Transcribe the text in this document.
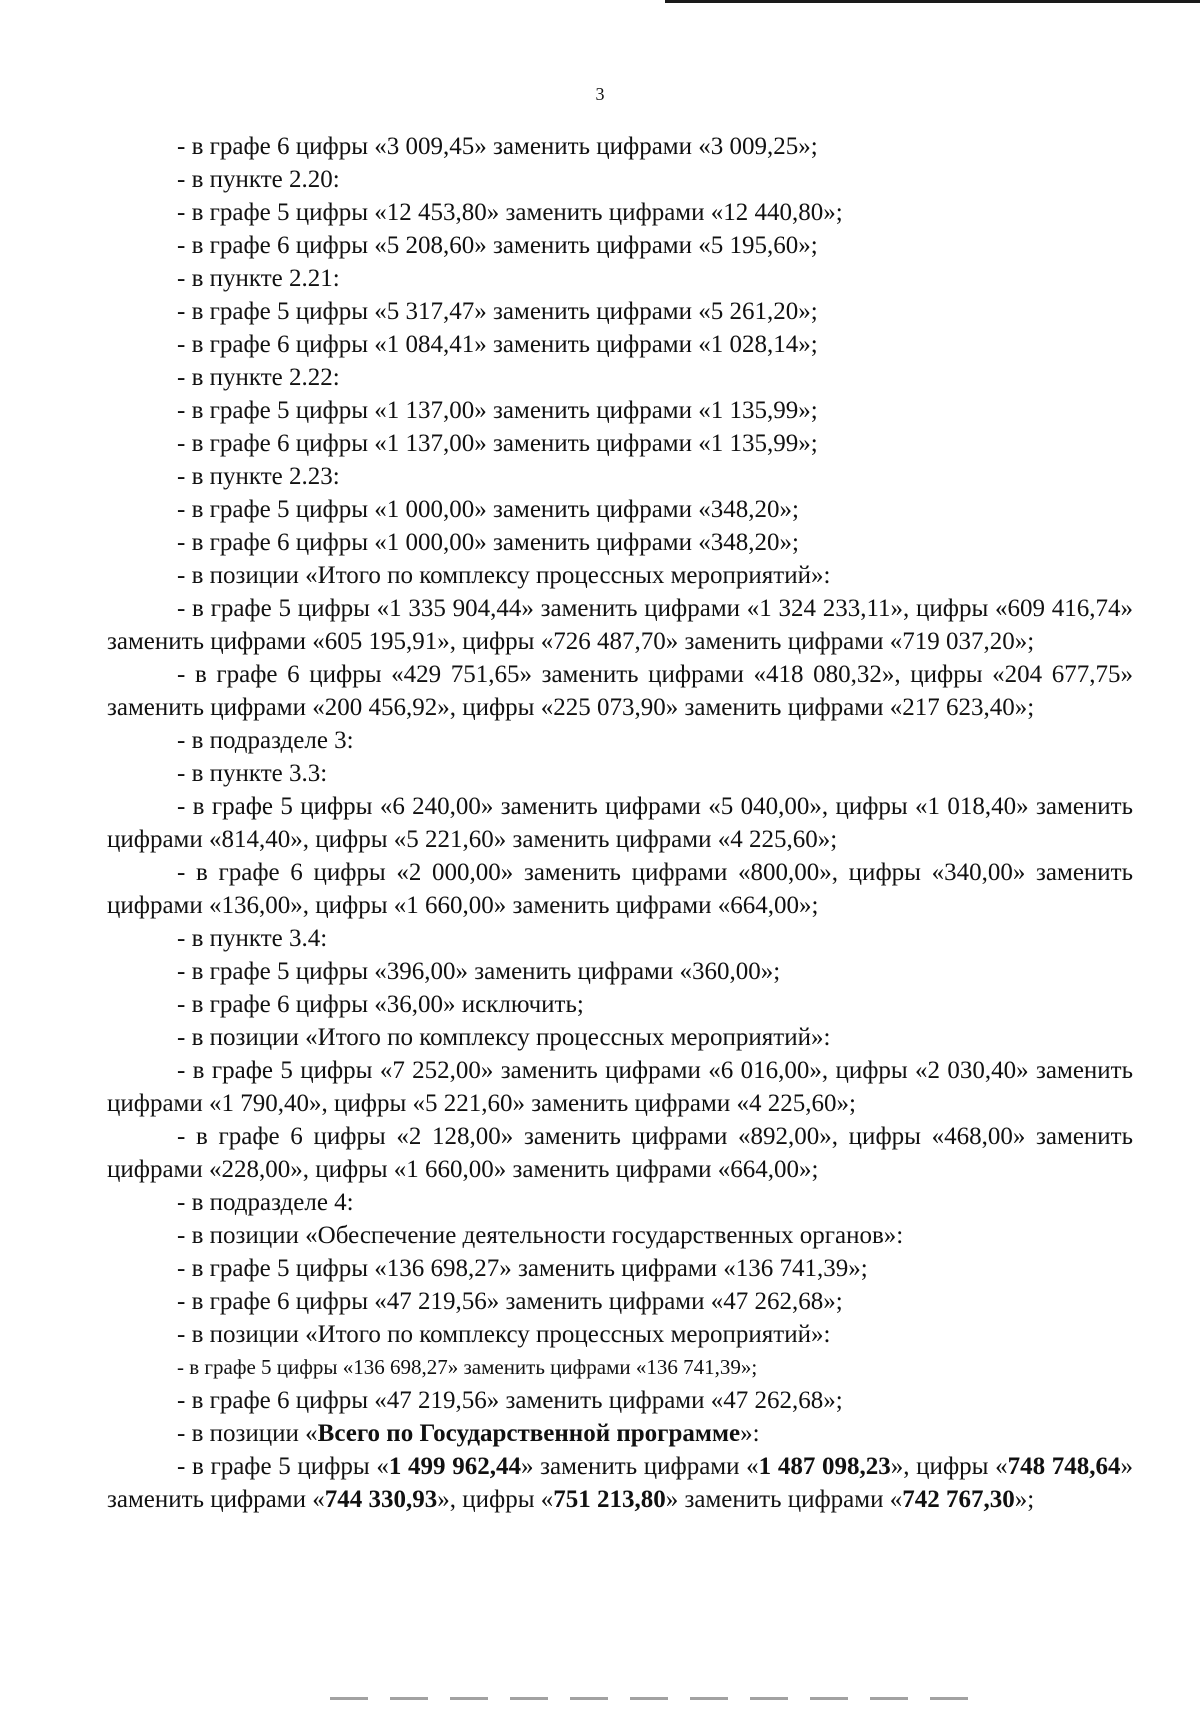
3

- в графе 6 цифры «3 009,45» заменить цифрами «3 009,25»;

- в пункте 2.20:

- в графе 5 цифры «12 453,80» заменить цифрами «12 440,80»;

- в графе 6 цифры «5 208,60» заменить цифрами «5 195,60»;

- в пункте 2.21:

- в графе 5 цифры «5 317,47» заменить цифрами «5 261,20»;

- в графе 6 цифры «1 084,41» заменить цифрами «1 028,14»;

- в пункте 2.22:

- в графе 5 цифры «1 137,00» заменить цифрами «1 135,99»;

- в графе 6 цифры «1 137,00» заменить цифрами «1 135,99»;

- в пункте 2.23:

- в графе 5 цифры «1 000,00» заменить цифрами «348,20»;

- в графе 6 цифры «1 000,00» заменить цифрами «348,20»;

- в позиции «Итого по комплексу процессных мероприятий»:

- в графе 5 цифры «1 335 904,44» заменить цифрами «1 324 233,11», цифры «609 416,74» заменить цифрами «605 195,91», цифры «726 487,70» заменить цифрами «719 037,20»;

- в графе 6 цифры «429 751,65» заменить цифрами «418 080,32», цифры «204 677,75» заменить цифрами «200 456,92», цифры «225 073,90» заменить цифрами «217 623,40»;

- в подразделе 3:

- в пункте 3.3:

- в графе 5 цифры «6 240,00» заменить цифрами «5 040,00», цифры «1 018,40» заменить цифрами «814,40», цифры «5 221,60» заменить цифрами «4 225,60»;

- в графе 6 цифры «2 000,00» заменить цифрами «800,00», цифры «340,00» заменить цифрами «136,00», цифры «1 660,00» заменить цифрами «664,00»;

- в пункте 3.4:

- в графе 5 цифры «396,00» заменить цифрами «360,00»;

- в графе 6 цифры «36,00» исключить;

- в позиции «Итого по комплексу процессных мероприятий»:

- в графе 5 цифры «7 252,00» заменить цифрами «6 016,00», цифры «2 030,40» заменить цифрами «1 790,40», цифры «5 221,60» заменить цифрами «4 225,60»;

- в графе 6 цифры «2 128,00» заменить цифрами «892,00», цифры «468,00» заменить цифрами «228,00», цифры «1 660,00» заменить цифрами «664,00»;

- в подразделе 4:

- в позиции «Обеспечение деятельности государственных органов»:

- в графе 5 цифры «136 698,27» заменить цифрами «136 741,39»;

- в графе 6 цифры «47 219,56» заменить цифрами «47 262,68»;

- в позиции «Итого по комплексу процессных мероприятий»:

- в графе 5 цифры «136 698,27» заменить цифрами «136 741,39»;

- в графе 6 цифры «47 219,56» заменить цифрами «47 262,68»;

- в позиции «Всего по Государственной программе»:

- в графе 5 цифры «1 499 962,44» заменить цифрами «1 487 098,23», цифры «748 748,64» заменить цифрами «744 330,93», цифры «751 213,80» заменить цифрами «742 767,30»;
